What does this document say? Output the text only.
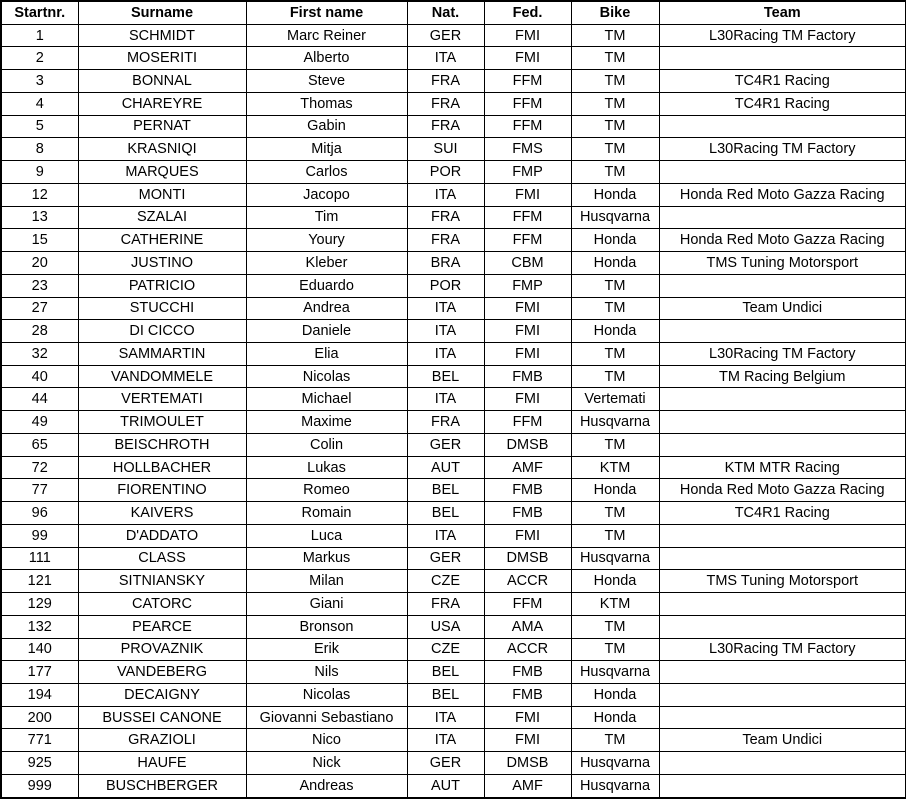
Startnr.	Surname	First name	Nat.	Fed.	Bike	Team
1	SCHMIDT	Marc Reiner	GER	FMI	TM	L30Racing TM Factory
2	MOSERITI	Alberto	ITA	FMI	TM	
3	BONNAL	Steve	FRA	FFM	TM	TC4R1 Racing
4	CHAREYRE	Thomas	FRA	FFM	TM	TC4R1 Racing
5	PERNAT	Gabin	FRA	FFM	TM	
8	KRASNIQI	Mitja	SUI	FMS	TM	L30Racing TM Factory
9	MARQUES	Carlos	POR	FMP	TM	
12	MONTI	Jacopo	ITA	FMI	Honda	Honda Red Moto Gazza Racing
13	SZALAI	Tim	FRA	FFM	Husqvarna	
15	CATHERINE	Youry	FRA	FFM	Honda	Honda Red Moto Gazza Racing
20	JUSTINO	Kleber	BRA	CBM	Honda	TMS Tuning Motorsport
23	PATRICIO	Eduardo	POR	FMP	TM	
27	STUCCHI	Andrea	ITA	FMI	TM	Team Undici
28	DI CICCO	Daniele	ITA	FMI	Honda	
32	SAMMARTIN	Elia	ITA	FMI	TM	L30Racing TM Factory
40	VANDOMMELE	Nicolas	BEL	FMB	TM	TM Racing Belgium
44	VERTEMATI	Michael	ITA	FMI	Vertemati	
49	TRIMOULET	Maxime	FRA	FFM	Husqvarna	
65	BEISCHROTH	Colin	GER	DMSB	TM	
72	HOLLBACHER	Lukas	AUT	AMF	KTM	KTM MTR Racing
77	FIORENTINO	Romeo	BEL	FMB	Honda	Honda Red Moto Gazza Racing
96	KAIVERS	Romain	BEL	FMB	TM	TC4R1 Racing
99	D'ADDATO	Luca	ITA	FMI	TM	
111	CLASS	Markus	GER	DMSB	Husqvarna	
121	SITNIANSKY	Milan	CZE	ACCR	Honda	TMS Tuning Motorsport
129	CATORC	Giani	FRA	FFM	KTM	
132	PEARCE	Bronson	USA	AMA	TM	
140	PROVAZNIK	Erik	CZE	ACCR	TM	L30Racing TM Factory
177	VANDEBERG	Nils	BEL	FMB	Husqvarna	
194	DECAIGNY	Nicolas	BEL	FMB	Honda	
200	BUSSEI CANONE	Giovanni Sebastiano	ITA	FMI	Honda	
771	GRAZIOLI	Nico	ITA	FMI	TM	Team Undici
925	HAUFE	Nick	GER	DMSB	Husqvarna	
999	BUSCHBERGER	Andreas	AUT	AMF	Husqvarna	
